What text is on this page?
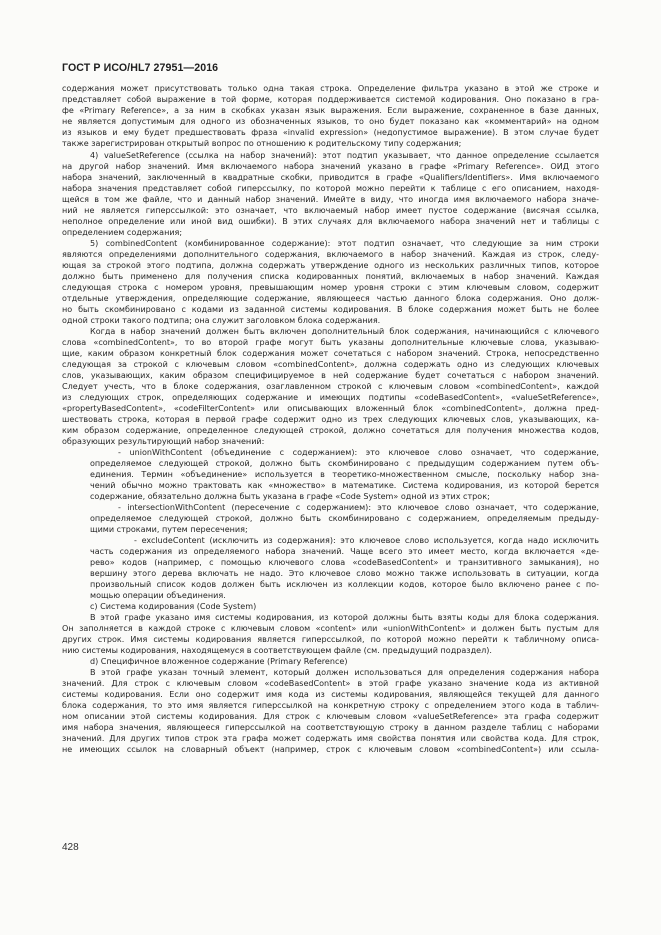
ГОСТ Р ИСО/HL7 27951—2016
содержания может присутствовать только одна такая строка. Определение фильтра указано в этой же строке и
представляет собой выражение в той форме, которая поддерживается системой кодирования. Оно показано в гра-
фе «Primary Reference», а за ним в скобках указан язык выражения. Если выражение, сохраненное в базе данных,
не является допустимым для одного из обозначенных языков, то оно будет показано как «комментарий» на одном
из языков и ему будет предшествовать фраза «invalid expression» (недопустимое выражение). В этом случае будет
также зарегистрирован открытый вопрос по отношению к родительскому типу содержания;
4) valueSetReference (ссылка на набор значений): этот подтип указывает, что данное определение ссылается
на другой набор значений. Имя включаемого набора значений указано в графе «Primary Reference». ОИД этого
набора значений, заключенный в квадратные скобки, приводится в графе «Qualifiers/Identifiers». Имя включаемого
набора значения представляет собой гиперссылку, по которой можно перейти к таблице с его описанием, находя-
щейся в том же файле, что и данный набор значений. Имейте в виду, что иногда имя включаемого набора значе-
ний не является гиперссылкой: это означает, что включаемый набор имеет пустое содержание (висячая ссылка,
неполное определение или иной вид ошибки). В этих случаях для включаемого набора значений нет и таблицы с
определением содержания;
5) combinedContent (комбинированное содержание): этот подтип означает, что следующие за ним строки
являются определениями дополнительного содержания, включаемого в набор значений. Каждая из строк, следу-
ющая за строкой этого подтипа, должна содержать утверждение одного из нескольких различных типов, которое
должно быть применено для получения списка кодированных понятий, включаемых в набор значений. Каждая
следующая строка с номером уровня, превышающим номер уровня строки с этим ключевым словом, содержит
отдельные утверждения, определяющие содержание, являющееся частью данного блока содержания. Оно долж-
но быть скомбинировано с кодами из заданной системы кодирования. В блоке содержания может быть не более
одной строки такого подтипа; она служит заголовком блока содержания.
Когда в набор значений должен быть включен дополнительный блок содержания, начинающийся с ключевого
слова «combinedContent», то во второй графе могут быть указаны дополнительные ключевые слова, указываю-
щие, каким образом конкретный блок содержания может сочетаться с набором значений. Строка, непосредственно
следующая за строкой с ключевым словом «combinedContent», должна содержать одно из следующих ключевых
слов, указывающих, каким образом специфицируемое в ней содержание будет сочетаться с набором значений.
Следует учесть, что в блоке содержания, озаглавленном строкой с ключевым словом «combinedContent», каждой
из следующих строк, определяющих содержание и имеющих подтипы «codeBasedContent», «valueSetReference»,
«propertyBasedContent», «codeFilterContent» или описывающих вложенный блок «combinedContent», должна пред-
шествовать строка, которая в первой графе содержит одно из трех следующих ключевых слов, указывающих, ка-
ким образом содержание, определенное следующей строкой, должно сочетаться для получения множества кодов,
образующих результирующий набор значений:
- unionWithContent (объединение с содержанием): это ключевое слово означает, что содержание,
определяемое следующей строкой, должно быть скомбинировано с предыдущим содержанием путем объ-
единения. Термин «объединение» используется в теоретико-множественном смысле, поскольку набор зна-
чений обычно можно трактовать как «множество» в математике. Система кодирования, из которой берется
содержание, обязательно должна быть указана в графе «Code System» одной из этих строк;
- intersectionWithContent (пересечение с содержанием): это ключевое слово означает, что содержание,
определяемое следующей строкой, должно быть скомбинировано с содержанием, определяемым предыду-
щими строками, путем пересечения;
- excludeContent (исключить из содержания): это ключевое слово используется, когда надо исключить
часть содержания из определяемого набора значений. Чаще всего это имеет место, когда включается «де-
рево» кодов (например, с помощью ключевого слова «codeBasedContent» и транзитивного замыкания), но
вершину этого дерева включать не надо. Это ключевое слово можно также использовать в ситуации, когда
произвольный список кодов должен быть исключен из коллекции кодов, которое было включено ранее с по-
мощью операции объединения.
c) Система кодирования (Code System)
В этой графе указано имя системы кодирования, из которой должны быть взяты коды для блока содержания.
Он заполняется в каждой строке с ключевым словом «content» или «unionWithContent» и должен быть пустым для
других строк. Имя системы кодирования является гиперссылкой, по которой можно перейти к табличному описа-
нию системы кодирования, находящемуся в соответствующем файле (см. предыдущий подраздел).
d) Специфичное вложенное содержание (Primary Reference)
В этой графе указан точный элемент, который должен использоваться для определения содержания набора
значений. Для строк с ключевым словом «codeBasedContent» в этой графе указано значение кода из активной
системы кодирования. Если оно содержит имя кода из системы кодирования, являющейся текущей для данного
блока содержания, то это имя является гиперссылкой на конкретную строку с определением этого кода в таблич-
ном описании этой системы кодирования. Для строк с ключевым словом «valueSetReference» эта графа содержит
имя набора значения, являющееся гиперссылкой на соответствующую строку в данном разделе таблиц с наборами
значений. Для других типов строк эта графа может содержать имя свойства понятия или свойства кода. Для строк,
не имеющих ссылок на словарный объект (например, строк с ключевым словом «combinedContent») или ссыла-
428
